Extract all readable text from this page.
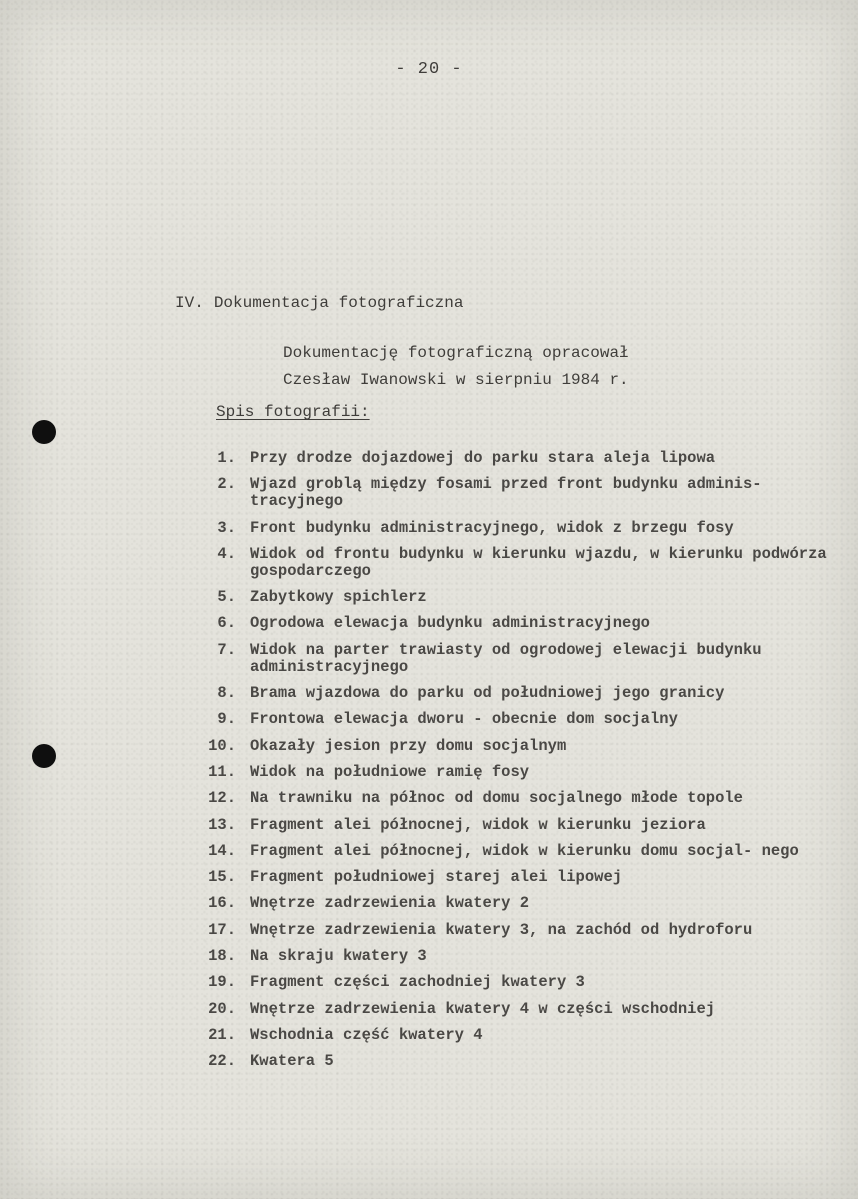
- 20 -
IV. Dokumentacja fotograficzna
Dokumentację fotograficzną opracował
Czesław Iwanowski w sierpniu 1984 r.
Spis fotografii:
1. Przy drodze dojazdowej do parku stara aleja lipowa
2. Wjazd groblą między fosami przed front budynku adminis- tracyjnego
3. Front budynku administracyjnego, widok z brzegu fosy
4. Widok od frontu budynku w kierunku wjazdu, w kierunku podwórza gospodarczego
5. Zabytkowy spichlerz
6. Ogrodowa elewacja budynku administracyjnego
7. Widok na parter trawiasty od ogrodowej elewacji budynku administracyjnego
8. Brama wjazdowa do parku od południowej jego granicy
9. Frontowa elewacja dworu - obecnie dom socjalny
10. Okazały jesion przy domu socjalnym
11. Widok na południowe ramię fosy
12. Na trawniku na północ od domu socjalnego młode topole
13. Fragment alei północnej, widok w kierunku jeziora
14. Fragment alei północnej, widok w kierunku domu socjal- nego
15. Fragment południowej starej alei lipowej
16. Wnętrze zadrzewienia kwatery 2
17. Wnętrze zadrzewienia kwatery 3, na zachód od hydroforu
18. Na skraju kwatery 3
19. Fragment części zachodniej kwatery 3
20. Wnętrze zadrzewienia kwatery 4 w części wschodniej
21. Wschodnia część kwatery 4
22. Kwatera 5
